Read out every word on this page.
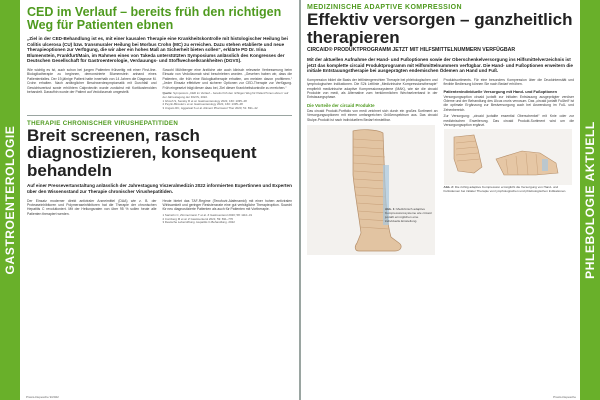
GASTROENTEROLOGIE
CED im Verlauf – bereits früh den richtigen Weg für Patienten ebnen
„Ziel in der CED-Behandlung ist es, mit einer kausalen Therapie eine Krankheitskontrolle mit histologischer Heilung bei Colitis ulcerosa (CU) bzw. transmuraler Heilung bei Morbus Crohn (MC) zu erreichen. Dazu stehen etablierte und neue Therapieoptionen zur Verfügung, die wir aber ein hohes Maß an Sicherheit bieten sollen“, erklärte PD Dr. Irina Blumenstein, Frankfurt/Main, im Rahmen eines von Takeda unterstützten Symposiums anlässlich des Kongresses der Deutschen Gesellschaft für Gastroenterologie, Verdauungs- und Stoffwechselkrankheiten (DGVS).

Wie wichtig es ist, auch schon bei jungen Patienten frühzeitig mit einer First-line-Biologikatherapie zu beginnen, demonstrierte Blumenstein anhand eines Patientenfalles. Der 19-jährige Patient hatte innerhalb von 14 Jahren die Diagnose M. Crohn erhalten. Nach anfänglicher Beschwerdesymptomatik mit Durchfall und Gewichtsverlust sowie erhöhtem Calprotectin wurde zunächst mit Kortikosteroiden behandelt. Daraufhin wurde der Patient auf Vedolizumab umgestellt.

Sowohl Mühlberger eine ärztliche wie auch klinisch relevante Verbesserung beim Einsatz von Vedolizumab sind beschrieben worden. „Gesehen haben wir, dass die Patienten, die früh eine Biologikatherapie erhalten, am meisten davon profitieren.“ „Jeder Einsatz effektiver und sicherer Optionen zur CED-Therapie zur Verfügung. Früh eingesetzt trägt dieser dazu bei, Ziel dieser Krankheitskontrolle zu erreichen.“

Quelle: Symposium „CED im Verlauf – bereits früh den richtigen Weg für Patient*innen ebnen“ auf der Jahrestagung der DGVS, 2022.
1 Ghosh S, Sensky R et al. Gastroenterology 2021; 160: 1335–48
2 Peyrin-Biroulet L et al. Gastroenterology 2021; 160: 1335–48
3 Ungaro RC, Aggarwal S et al. Aliment Pharmacol Ther 2020; 51: 831–42
THERAPIE CHRONISCHER VIRUSHEPATITIDEN
Breit screenen, rasch diagnostizieren, konsequent behandeln
Auf einer Pressevertanstaltung anlässlich der Jahrestagung Viszeralmedizin 2022 informierten Expertinnen und Experten über den Wissensstand zur Therapie chronischer Virushepatitiden.

Der Einsatz moderner direkt antiviraler Arzneimittel (DAA) wie z. B. der Proteaseinhibitoren und Polymeraseinhibitoren hat die Therapie der chronischen Hepatitis C revolutioniert. Mit der Heilungsraten von über 95 % sollen heute alle Patienten therapiert werden.

Heute bietet das TAF-Regime (Tenofovir-Alafenamid) mit einer hohen antiviralen Wirksamkeit und geringer Resistenzrate eine gut verträgliche Therapieoption. Sowohl für neu diagnostizierte Patienten als auch für Patienten mit Vortherapie.

1 Sarrazin C, Zimmermann T et al. Z Gastroenterol 2020; 58: 1110–31
2 Cornberg M et al. Z Gastroenterol 2021; 59: 691–776
3 Deutsche Leberstiftung. Hepatitis C-Behandlung. 2022
Praxis-Depesche 9/2022
PHLEBOLOGIE AKTUELL
MEDIZINISCHE ADAPTIVE KOMPRESSION
Effektiv versorgen – ganzheitlich therapieren
CIRCAID® PRODUKTPROGRAMM JETZT MIT HILFSMITTELNUMMERN VERFÜGBAR
Mit der aktuellen Aufnahme der Hand- und Fußoptionen sowie der Oberschenkelversorgung ins Hilfsmittelverzeichnis ist jetzt das komplette circaid Produktprogramm mit Hilfsmittelnummern verfügbar. Die Hand- und Fußoptionen erweitern die initiale Entstauungstherapie bei ausgeprägten endemischen Ödemen an Hand und Fuß.

Kompression bildet die Basis der leitliniengerechten Therapie bei phlebologischen und lymphologischen Indikationen. Die S2k Leitlinie „Medizinische Kompressionstherapie“ empfiehlt medizinische adaptive Kompressionssysteme (MAK), wie sie die circaid Produkte von medi, als Alternative zum herkömmlichen Wechselverband in der Entstauungsphase.

Die Vorteile der circaid Produkte

Das circaid Produkt-Portfolio von medi zeichnet sich durch ein großes Sortiment an Versorgungsoptionen mit einem umfangreichen Größenspektrum aus. Das circaid Stulpe-Produkt ist nach individuellem Bedarf einstellbar.

Abb. 1: Medizinisch adaptive Kompressionssysteme wie circaid juxtafit ermöglichen eine individuelle Einstellung.

Produktsortiments. Für eine besonders Kompression über die Druckintensität und flexible Bedienung können Sie nach Bedarf erhöhen.

Patientenindividuelle Versorgung mit Hand- und Fußoptionen

Versorgungsoption circaid juxtafit zur initialen Entstauung ausgeprägter venöser Ödeme und der Behandlung des Ulcus cruris venosum. Das „circaid juxtafit Fußteil“ ist die optimale Ergänzung zur Bestversorgung auch bei Anwendung im Fuß- und Zehenbereich.

Zur Versorgung: „circaid juxtalite essential Oberschenkel“ mit Knie oder zur medizinischen Erweiterung. Das circaid Produkt-Sortiment wird um die Versorgungsoption ergänzt.

Abb. 2: Die richtig adaptive Kompression ermöglicht die Versorgung von Hand- und Fußödemen bei initialer Therapie von lymphologischen und phlebologischen Indikationen.
Praxis-Depesche
